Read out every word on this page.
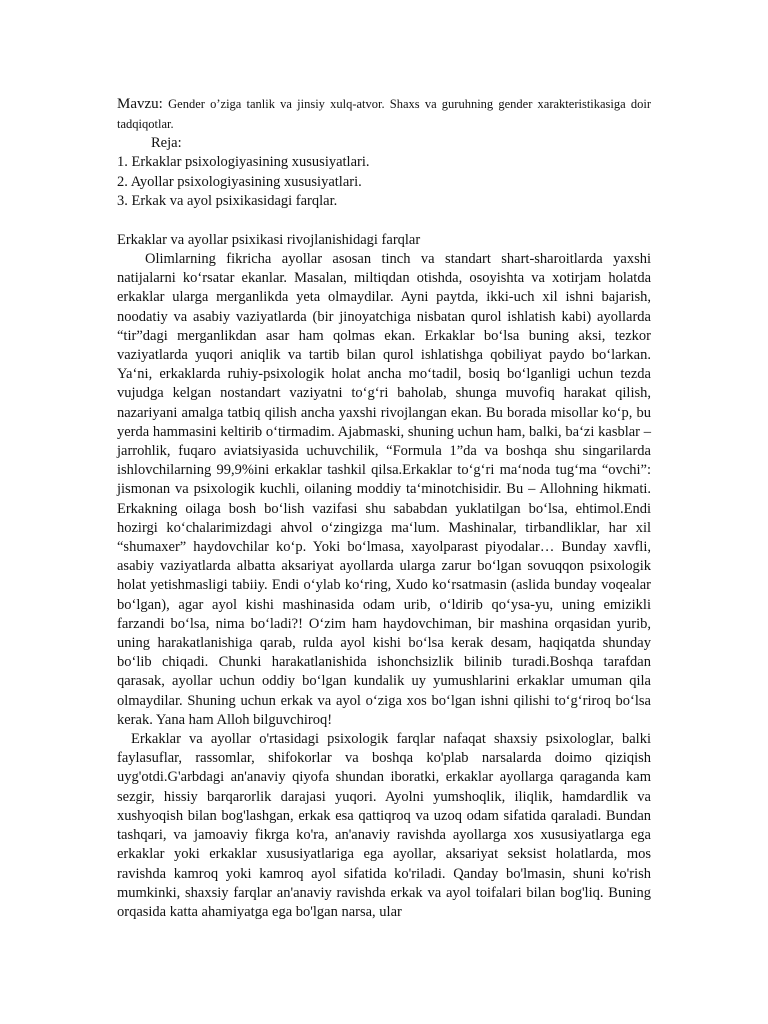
Mavzu: Gender o’ziga tanlik va jinsiy xulq-atvor. Shaxs va guruhning gender xarakteristikasiga doir tadqiqotlar.

Reja:

1. Erkaklar psixologiyasining xususiyatlari.

2. Ayollar psixologiyasining xususiyatlari.

3. Erkak va ayol psixikasidagi farqlar.

Erkaklar va ayollar psixikasi rivojlanishidagi farqlar

Olimlarning fikricha ayollar asosan tinch va standart shart-sharoitlarda yaxshi natijalarni ko‘rsatar ekanlar. Masalan, miltiqdan otishda, osoyishta va xotirjam holatda erkaklar ularga merganlikda yeta olmaydilar. Ayni paytda, ikki-uch xil ishni bajarish, noodatiy va asabiy vaziyatlarda (bir jinoyatchiga nisbatan qurol ishlatish kabi) ayollarda “tir”dagi merganlikdan asar ham qolmas ekan. Erkaklar bo‘lsa buning aksi, tezkor vaziyatlarda yuqori aniqlik va tartib bilan qurol ishlatishga qobiliyat paydo bo‘larkan. Ya‘ni, erkaklarda ruhiy-psixologik holat ancha mo‘tadil, bosiq bo‘lganligi uchun tezda vujudga kelgan nostandart vaziyatni to‘g‘ri baholab, shunga muvofiq harakat qilish, nazariyani amalga tatbiq qilish ancha yaxshi rivojlangan ekan. Bu borada misollar ko‘p, bu yerda hammasini keltirib o‘tirmadim. Ajabmaski, shuning uchun ham, balki, ba‘zi kasblar – jarrohlik, fuqaro aviatsiyasida uchuvchilik, “Formula 1”da va boshqa shu singarilarda ishlovchilarning 99,9%ini erkaklar tashkil qilsa.Erkaklar to‘g‘ri ma‘noda tug‘ma “ovchi”: jismonan va psixologik kuchli, oilaning moddiy ta‘minotchisidir. Bu – Allohning hikmati. Erkakning oilaga bosh bo‘lish vazifasi shu sababdan yuklatilgan bo‘lsa, ehtimol.Endi hozirgi ko‘chalarimizdagi ahvol o‘zingizga ma‘lum. Mashinalar, tirbandliklar, har xil “shumaxer” haydovchilar ko‘p. Yoki bo‘lmasa, xayolparast piyodalar… Bunday xavfli, asabiy vaziyatlarda albatta aksariyat ayollarda ularga zarur bo‘lgan sovuqqon psixologik holat yetishmasligi tabiiy. Endi o‘ylab ko‘ring, Xudo ko‘rsatmasin (aslida bunday voqealar bo‘lgan), agar ayol kishi mashinasida odam urib, o‘ldirib qo‘ysa-yu, uning emizikli farzandi bo‘lsa, nima bo‘ladi?! O‘zim ham haydovchiman, bir mashina orqasidan yurib, uning harakatlanishiga qarab, rulda ayol kishi bo‘lsa kerak desam, haqiqatda shunday bo‘lib chiqadi. Chunki harakatlanishida ishonchsizlik bilinib turadi.Boshqa tarafdan qarasak, ayollar uchun oddiy bo‘lgan kundalik uy yumushlarini erkaklar umuman qila olmaydilar. Shuning uchun erkak va ayol o‘ziga xos bo‘lgan ishni qilishi to‘g‘riroq bo‘lsa kerak. Yana ham Alloh bilguvchiroq!

Erkaklar va ayollar o'rtasidagi psixologik farqlar nafaqat shaxsiy psixologlar, balki faylasuflar, rassomlar, shifokorlar va boshqa ko'plab narsalarda doimo qiziqish uyg'otdi.G'arbdagi an'anaviy qiyofa shundan iboratki, erkaklar ayollarga qaraganda kam sezgir, hissiy barqarorlik darajasi yuqori. Ayolni yumshoqlik, iliqlik, hamdardlik va xushyoqish bilan bog'lashgan, erkak esa qattiqroq va uzoq odam sifatida qaraladi. Bundan tashqari, va jamoaviy fikrga ko'ra, an'anaviy ravishda ayollarga xos xususiyatlarga ega erkaklar yoki erkaklar xususiyatlariga ega ayollar, aksariyat seksist holatlarda, mos ravishda kamroq yoki kamroq ayol sifatida ko'riladi. Qanday bo'lmasin, shuni ko'rish mumkinki, shaxsiy farqlar an'anaviy ravishda erkak va ayol toifalari bilan bog'liq. Buning orqasida katta ahamiyatga ega bo'lgan narsa, ular
